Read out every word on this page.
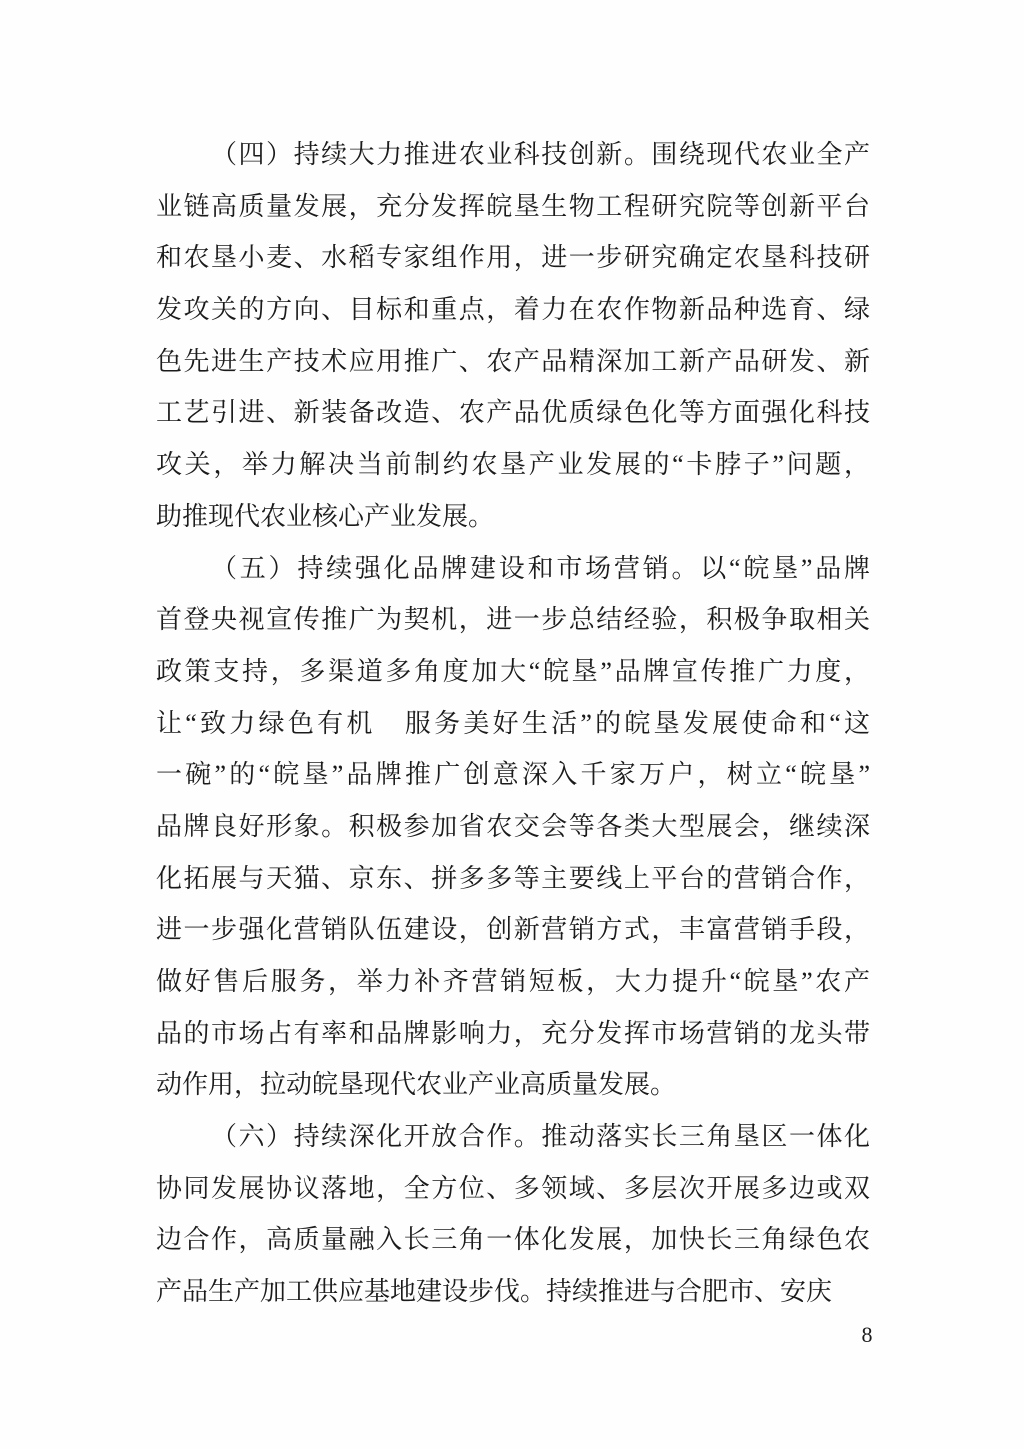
（四）持续大力推进农业科技创新。围绕现代农业全产
业链高质量发展，充分发挥皖垦生物工程研究院等创新平台
和农垦小麦、水稻专家组作用，进一步研究确定农垦科技研
发攻关的方向、目标和重点，着力在农作物新品种选育、绿
色先进生产技术应用推广、农产品精深加工新产品研发、新
工艺引进、新装备改造、农产品优质绿色化等方面强化科技
攻关，举力解决当前制约农垦产业发展的“卡脖子”问题，
助推现代农业核心产业发展。
（五）持续强化品牌建设和市场营销。以“皖垦”品牌
首登央视宣传推广为契机，进一步总结经验，积极争取相关
政策支持，多渠道多角度加大“皖垦”品牌宣传推广力度，
让“致力绿色有机　服务美好生活”的皖垦发展使命和“这
一碗”的“皖垦”品牌推广创意深入千家万户，树立“皖垦”
品牌良好形象。积极参加省农交会等各类大型展会，继续深
化拓展与天猫、京东、拼多多等主要线上平台的营销合作，
进一步强化营销队伍建设，创新营销方式，丰富营销手段，
做好售后服务，举力补齐营销短板，大力提升“皖垦”农产
品的市场占有率和品牌影响力，充分发挥市场营销的龙头带
动作用，拉动皖垦现代农业产业高质量发展。
（六）持续深化开放合作。推动落实长三角垦区一体化
协同发展协议落地，全方位、多领域、多层次开展多边或双
边合作，高质量融入长三角一体化发展，加快长三角绿色农
产品生产加工供应基地建设步伐。持续推进与合肥市、安庆
8
